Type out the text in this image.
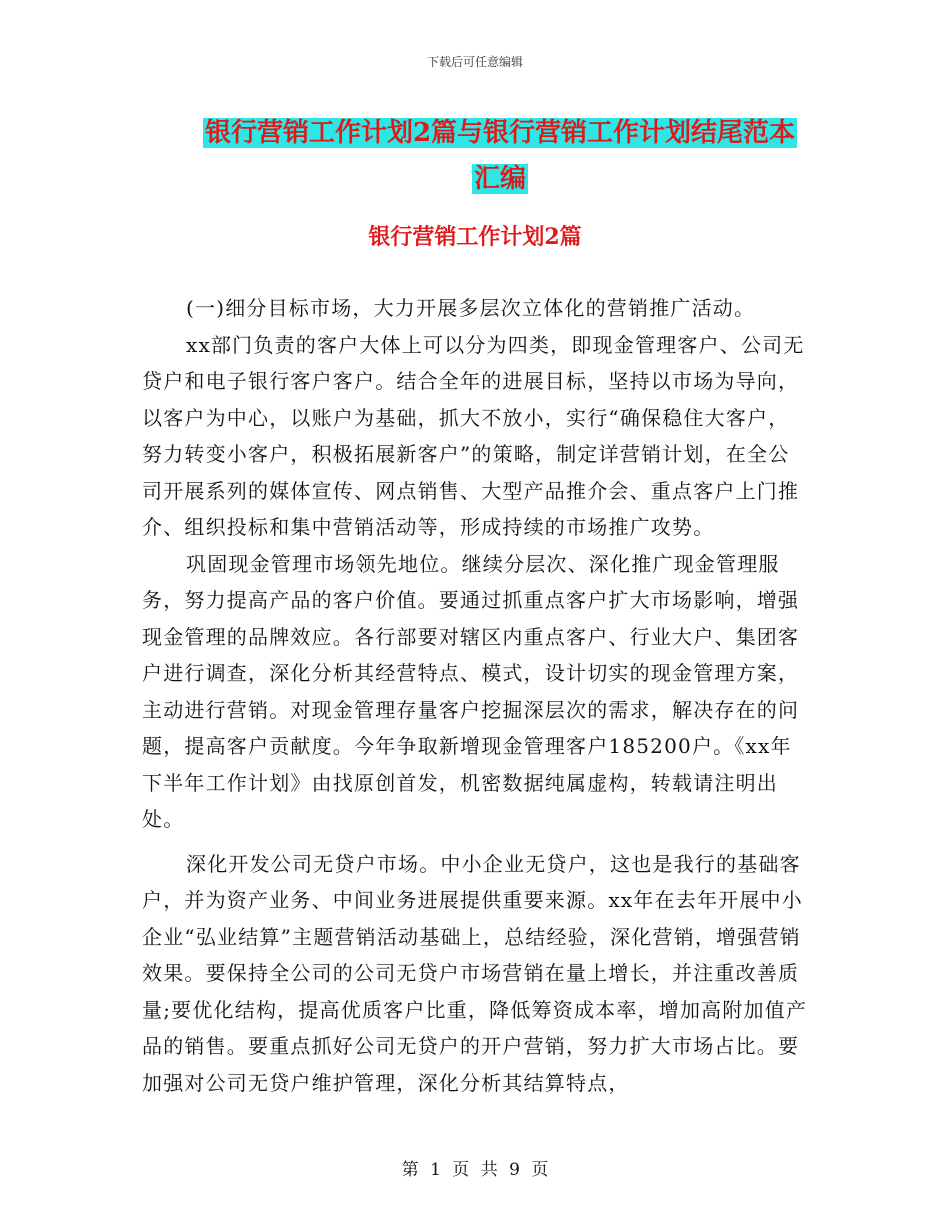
下载后可任意编辑
银行营销工作计划2篇与银行营销工作计划结尾范本
汇编
银行营销工作计划2篇

(一)细分目标市场，大力开展多层次立体化的营销推广活动。

xx部门负责的客户大体上可以分为四类，即现金管理客户、公司无贷户和电子银行客户客户。结合全年的进展目标，坚持以市场为导向，以客户为中心，以账户为基础，抓大不放小，实行“确保稳住大客户，努力转变小客户，积极拓展新客户”的策略，制定详营销计划，在全公司开展系列的媒体宣传、网点销售、大型产品推介会、重点客户上门推介、组织投标和集中营销活动等，形成持续的市场推广攻势。

巩固现金管理市场领先地位。继续分层次、深化推广现金管理服务，努力提高产品的客户价值。要通过抓重点客户扩大市场影响，增强现金管理的品牌效应。各行部要对辖区内重点客户、行业大户、集团客户进行调查，深化分析其经营特点、模式，设计切实的现金管理方案，主动进行营销。对现金管理存量客户挖掘深层次的需求，解决存在的问题，提高客户贡献度。今年争取新增现金管理客户185200户。《xx年下半年工作计划》由找原创首发，机密数据纯属虚构，转载请注明出处。

深化开发公司无贷户市场。中小企业无贷户，这也是我行的基础客户，并为资产业务、中间业务进展提供重要来源。xx年在去年开展中小企业“弘业结算”主题营销活动基础上，总结经验，深化营销，增强营销效果。要保持全公司的公司无贷户市场营销在量上增长，并注重改善质量;要优化结构，提高优质客户比重，降低筹资成本率，增加高附加值产品的销售。要重点抓好公司无贷户的开户营销，努力扩大市场占比。要加强对公司无贷户维护管理，深化分析其结算特点，

第 1 页 共 9 页
